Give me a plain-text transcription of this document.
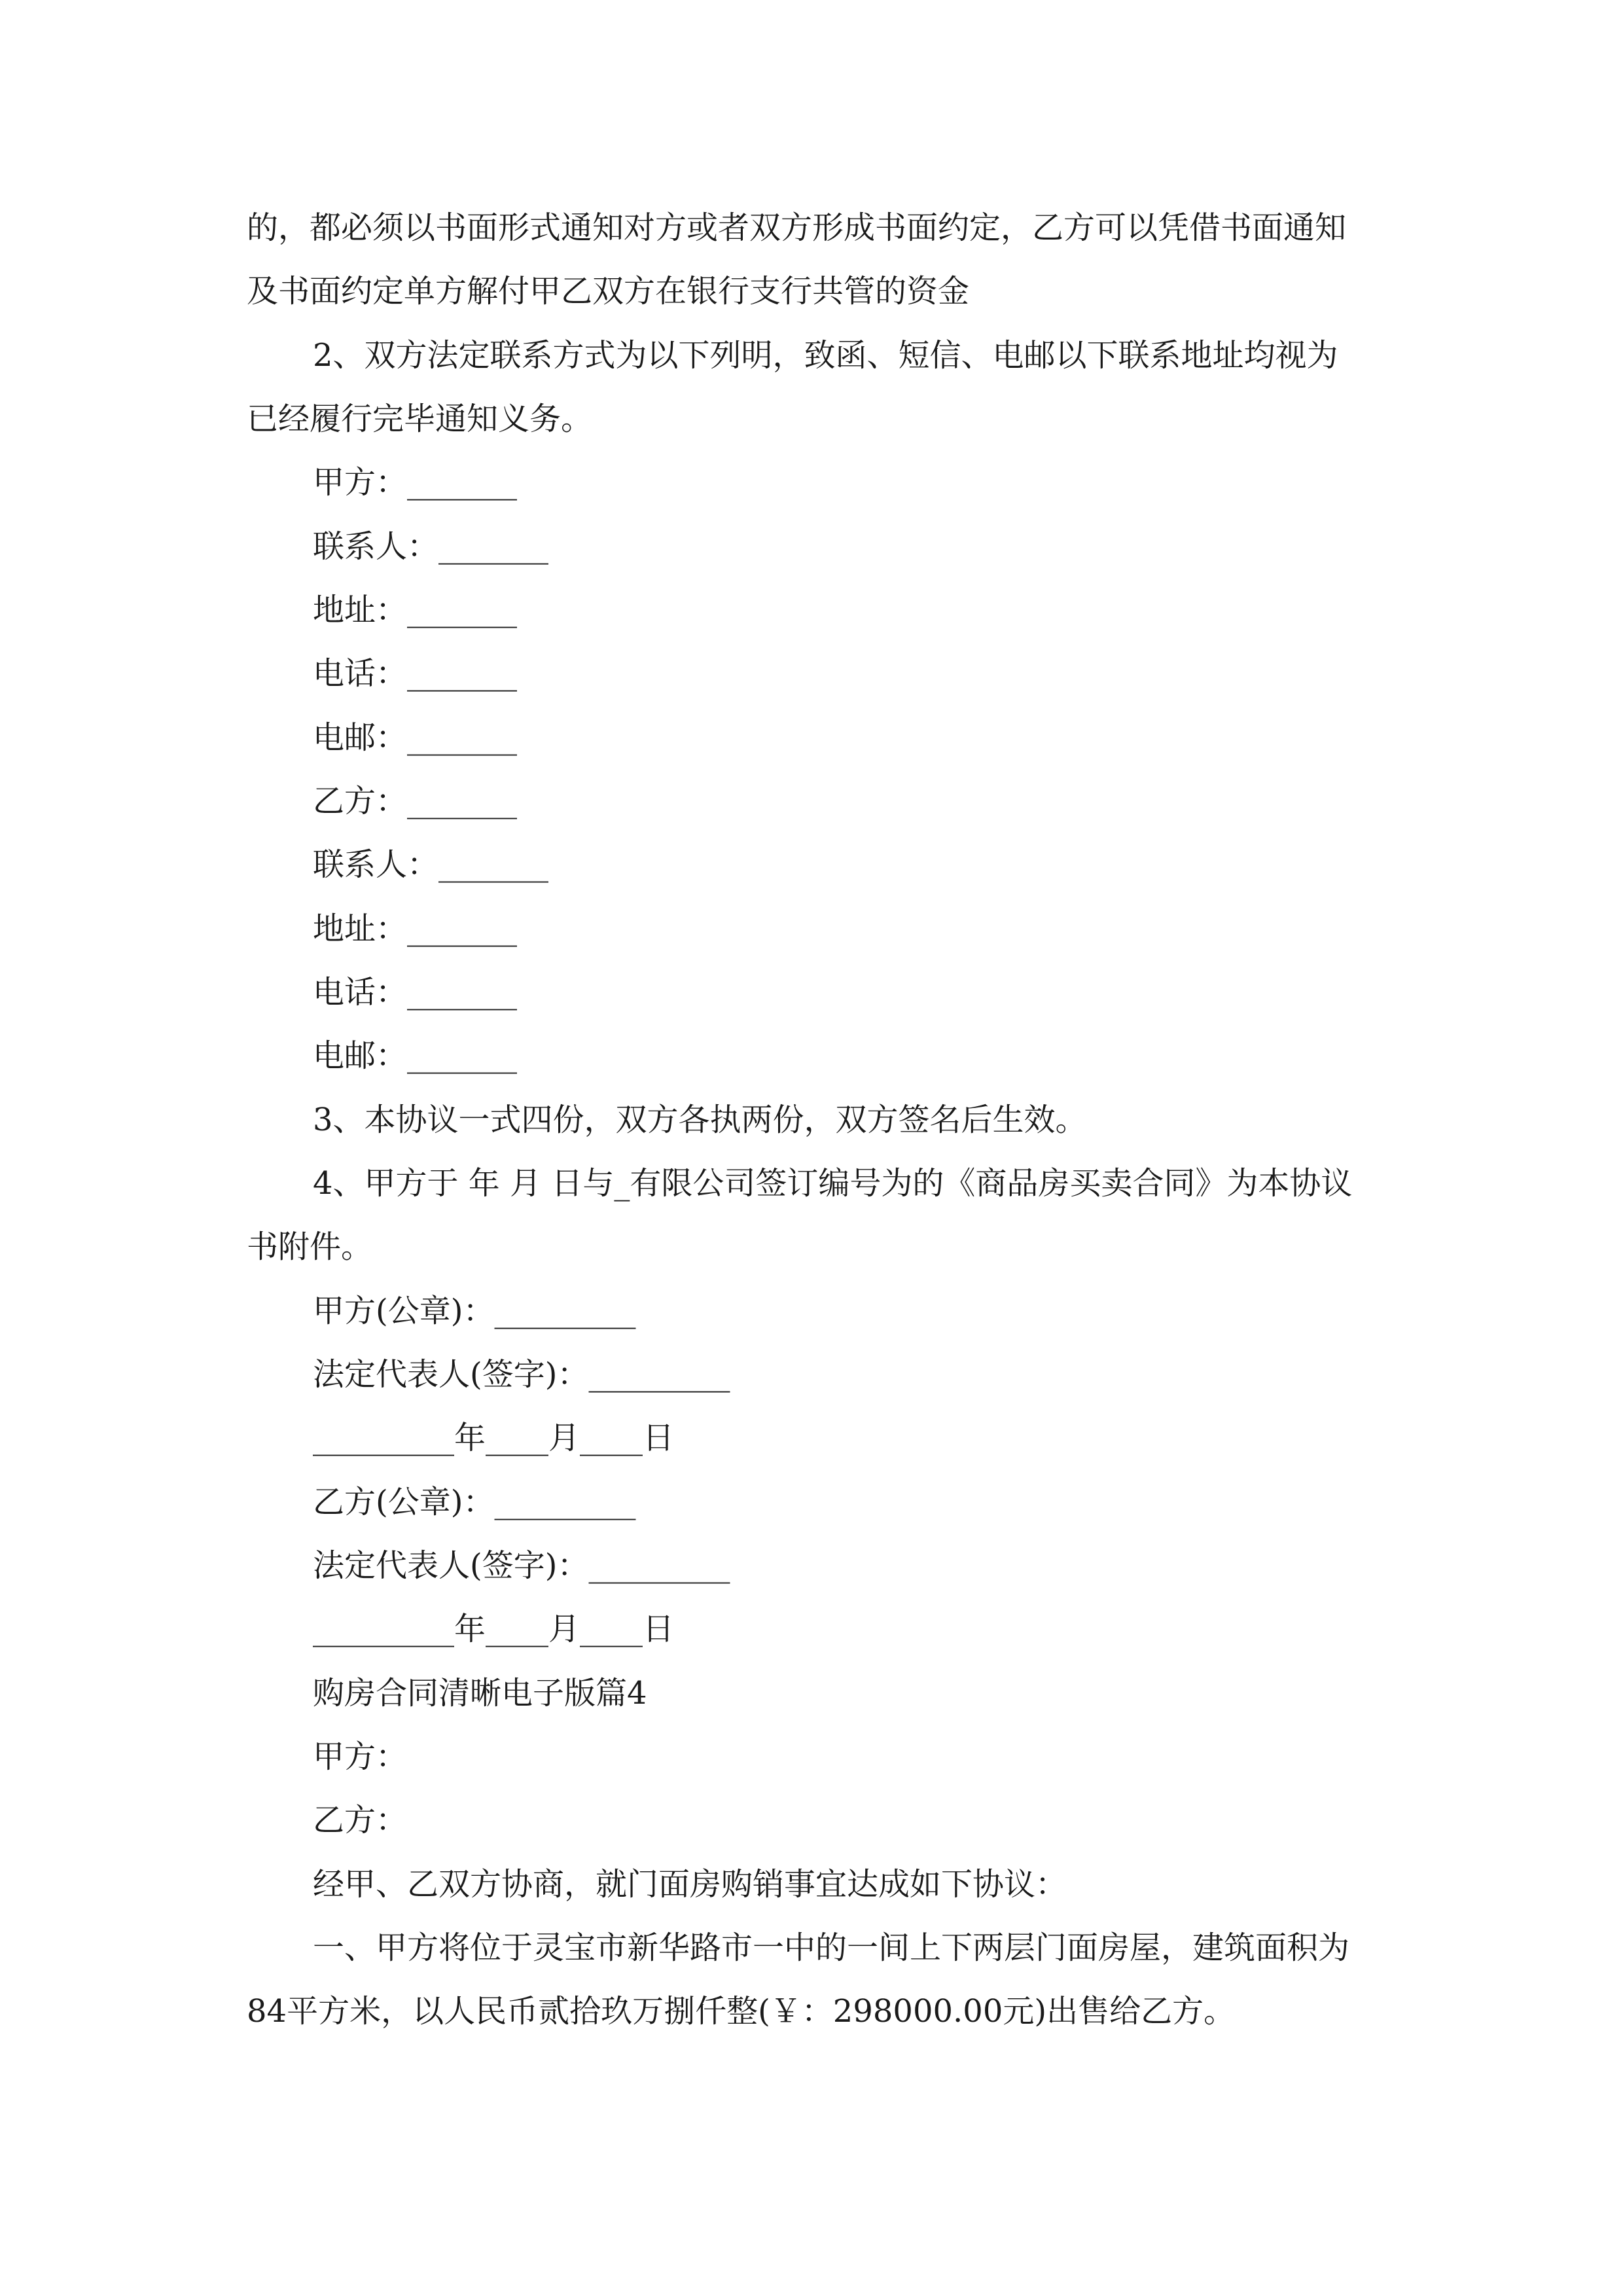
的，都必须以书面形式通知对方或者双方形成书面约定，乙方可以凭借书面通知

及书面约定单方解付甲乙双方在银行支行共管的资金

2、双方法定联系方式为以下列明，致函、短信、电邮以下联系地址均视为

已经履行完毕通知义务。

甲方：_______

联系人：_______

地址：_______

电话：_______

电邮：_______

乙方：_______

联系人：_______

地址：_______

电话：_______

电邮：_______

3、本协议一式四份，双方各执两份，双方签名后生效。

4、甲方于 年 月 日与_有限公司签订编号为的《商品房买卖合同》为本协议

书附件。

甲方(公章)：_________

法定代表人(签字)：_________

_________年____月____日

乙方(公章)：_________

法定代表人(签字)：_________

_________年____月____日

购房合同清晰电子版篇4

甲方：

乙方：

经甲、乙双方协商，就门面房购销事宜达成如下协议：

一、甲方将位于灵宝市新华路市一中的一间上下两层门面房屋，建筑面积为

84平方米，以人民币贰拾玖万捌仟整(￥：298000.00元)出售给乙方。
